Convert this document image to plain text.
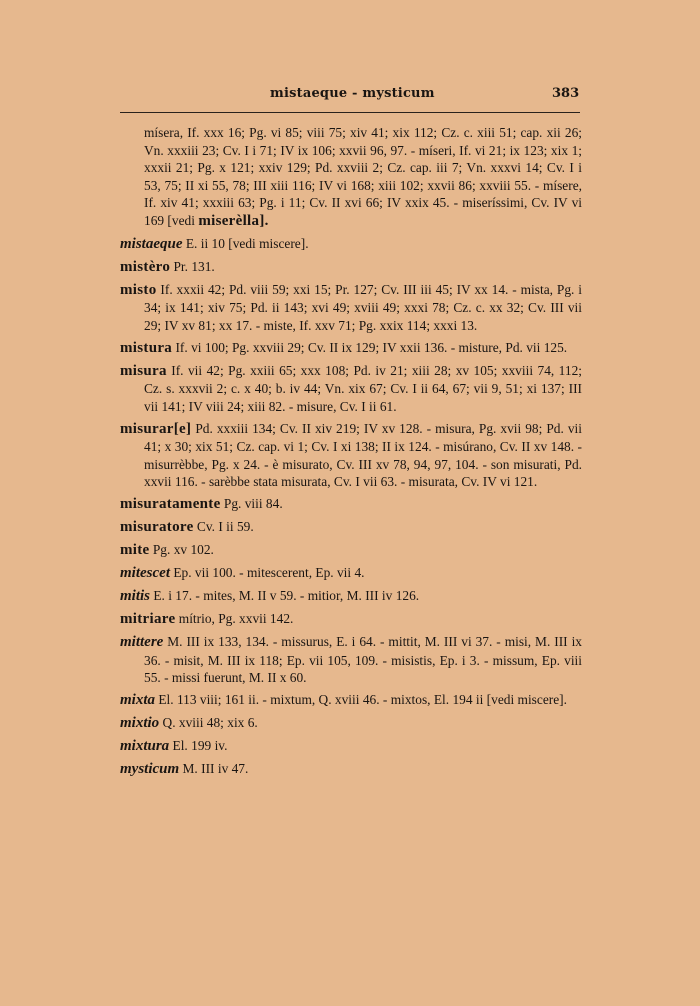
mistaeque - mysticum	383
mísera, If. xxx 16; Pg. vi 85; viii 75; xiv 41; xix 112; Cz. c. xiii 51; cap. xii 26; Vn. xxxiii 23; Cv. I i 71; IV ix 106; xxvii 96, 97. - míseri, If. vi 21; ix 123; xix 1; xxxii 21; Pg. x 121; xxiv 129; Pd. xxviii 2; Cz. cap. iii 7; Vn. xxxvi 14; Cv. I i 53, 75; II xi 55, 78; III xiii 116; IV vi 168; xiii 102; xxvii 86; xxviii 55. - mísere, If. xiv 41; xxxiii 63; Pg. i 11; Cv. II xvi 66; IV xxix 45. - miseríssimi, Cv. IV vi 169 [vedi miserèlla].
mistaeque E. ii 10 [vedi miscere].
mistèro Pr. 131.
misto If. xxxii 42; Pd. viii 59; xxi 15; Pr. 127; Cv. III iii 45; IV xx 14. - mista, Pg. i 34; ix 141; xiv 75; Pd. ii 143; xvi 49; xviii 49; xxxi 78; Cz. c. xx 32; Cv. III vii 29; IV xv 81; xx 17. - miste, If. xxv 71; Pg. xxix 114; xxxi 13.
mistura If. vi 100; Pg. xxviii 29; Cv. II ix 129; IV xxii 136. - misture, Pd. vii 125.
misura If. vii 42; Pg. xxiii 65; xxx 108; Pd. iv 21; xiii 28; xv 105; xxviii 74, 112; Cz. s. xxxvii 2; c. x 40; b. iv 44; Vn. xix 67; Cv. I ii 64, 67; vii 9, 51; xi 137; III vii 141; IV viii 24; xiii 82. - misure, Cv. I ii 61.
misurar[e] Pd. xxxiii 134; Cv. II xiv 219; IV xv 128. - misura, Pg. xvii 98; Pd. vii 41; x 30; xix 51; Cz. cap. vi 1; Cv. I xi 138; II ix 124. - misúrano, Cv. II xv 148. - misurrèbbe, Pg. x 24. - è misurato, Cv. III xv 78, 94, 97, 104. - son misurati, Pd. xxvii 116. - sarèbbe stata misurata, Cv. I vii 63. - misurata, Cv. IV vi 121.
misuratamente Pg. viii 84.
misuratore Cv. I ii 59.
mite Pg. xv 102.
mitescet Ep. vii 100. - mitescerent, Ep. vii 4.
mitis E. i 17. - mites, M. II v 59. - mitior, M. III iv 126.
mitriare mítrio, Pg. xxvii 142.
mittere M. III ix 133, 134. - missurus, E. i 64. - mittit, M. III vi 37. - misi, M. III ix 36. - misit, M. III ix 118; Ep. vii 105, 109. - misistis, Ep. i 3. - missum, Ep. viii 55. - missi fuerunt, M. II x 60.
mixta El. 113 viii; 161 ii. - mixtum, Q. xviii 46. - mixtos, El. 194 ii [vedi miscere].
mixtio Q. xviii 48; xix 6.
mixtura El. 199 iv.
mysticum M. III iv 47.
